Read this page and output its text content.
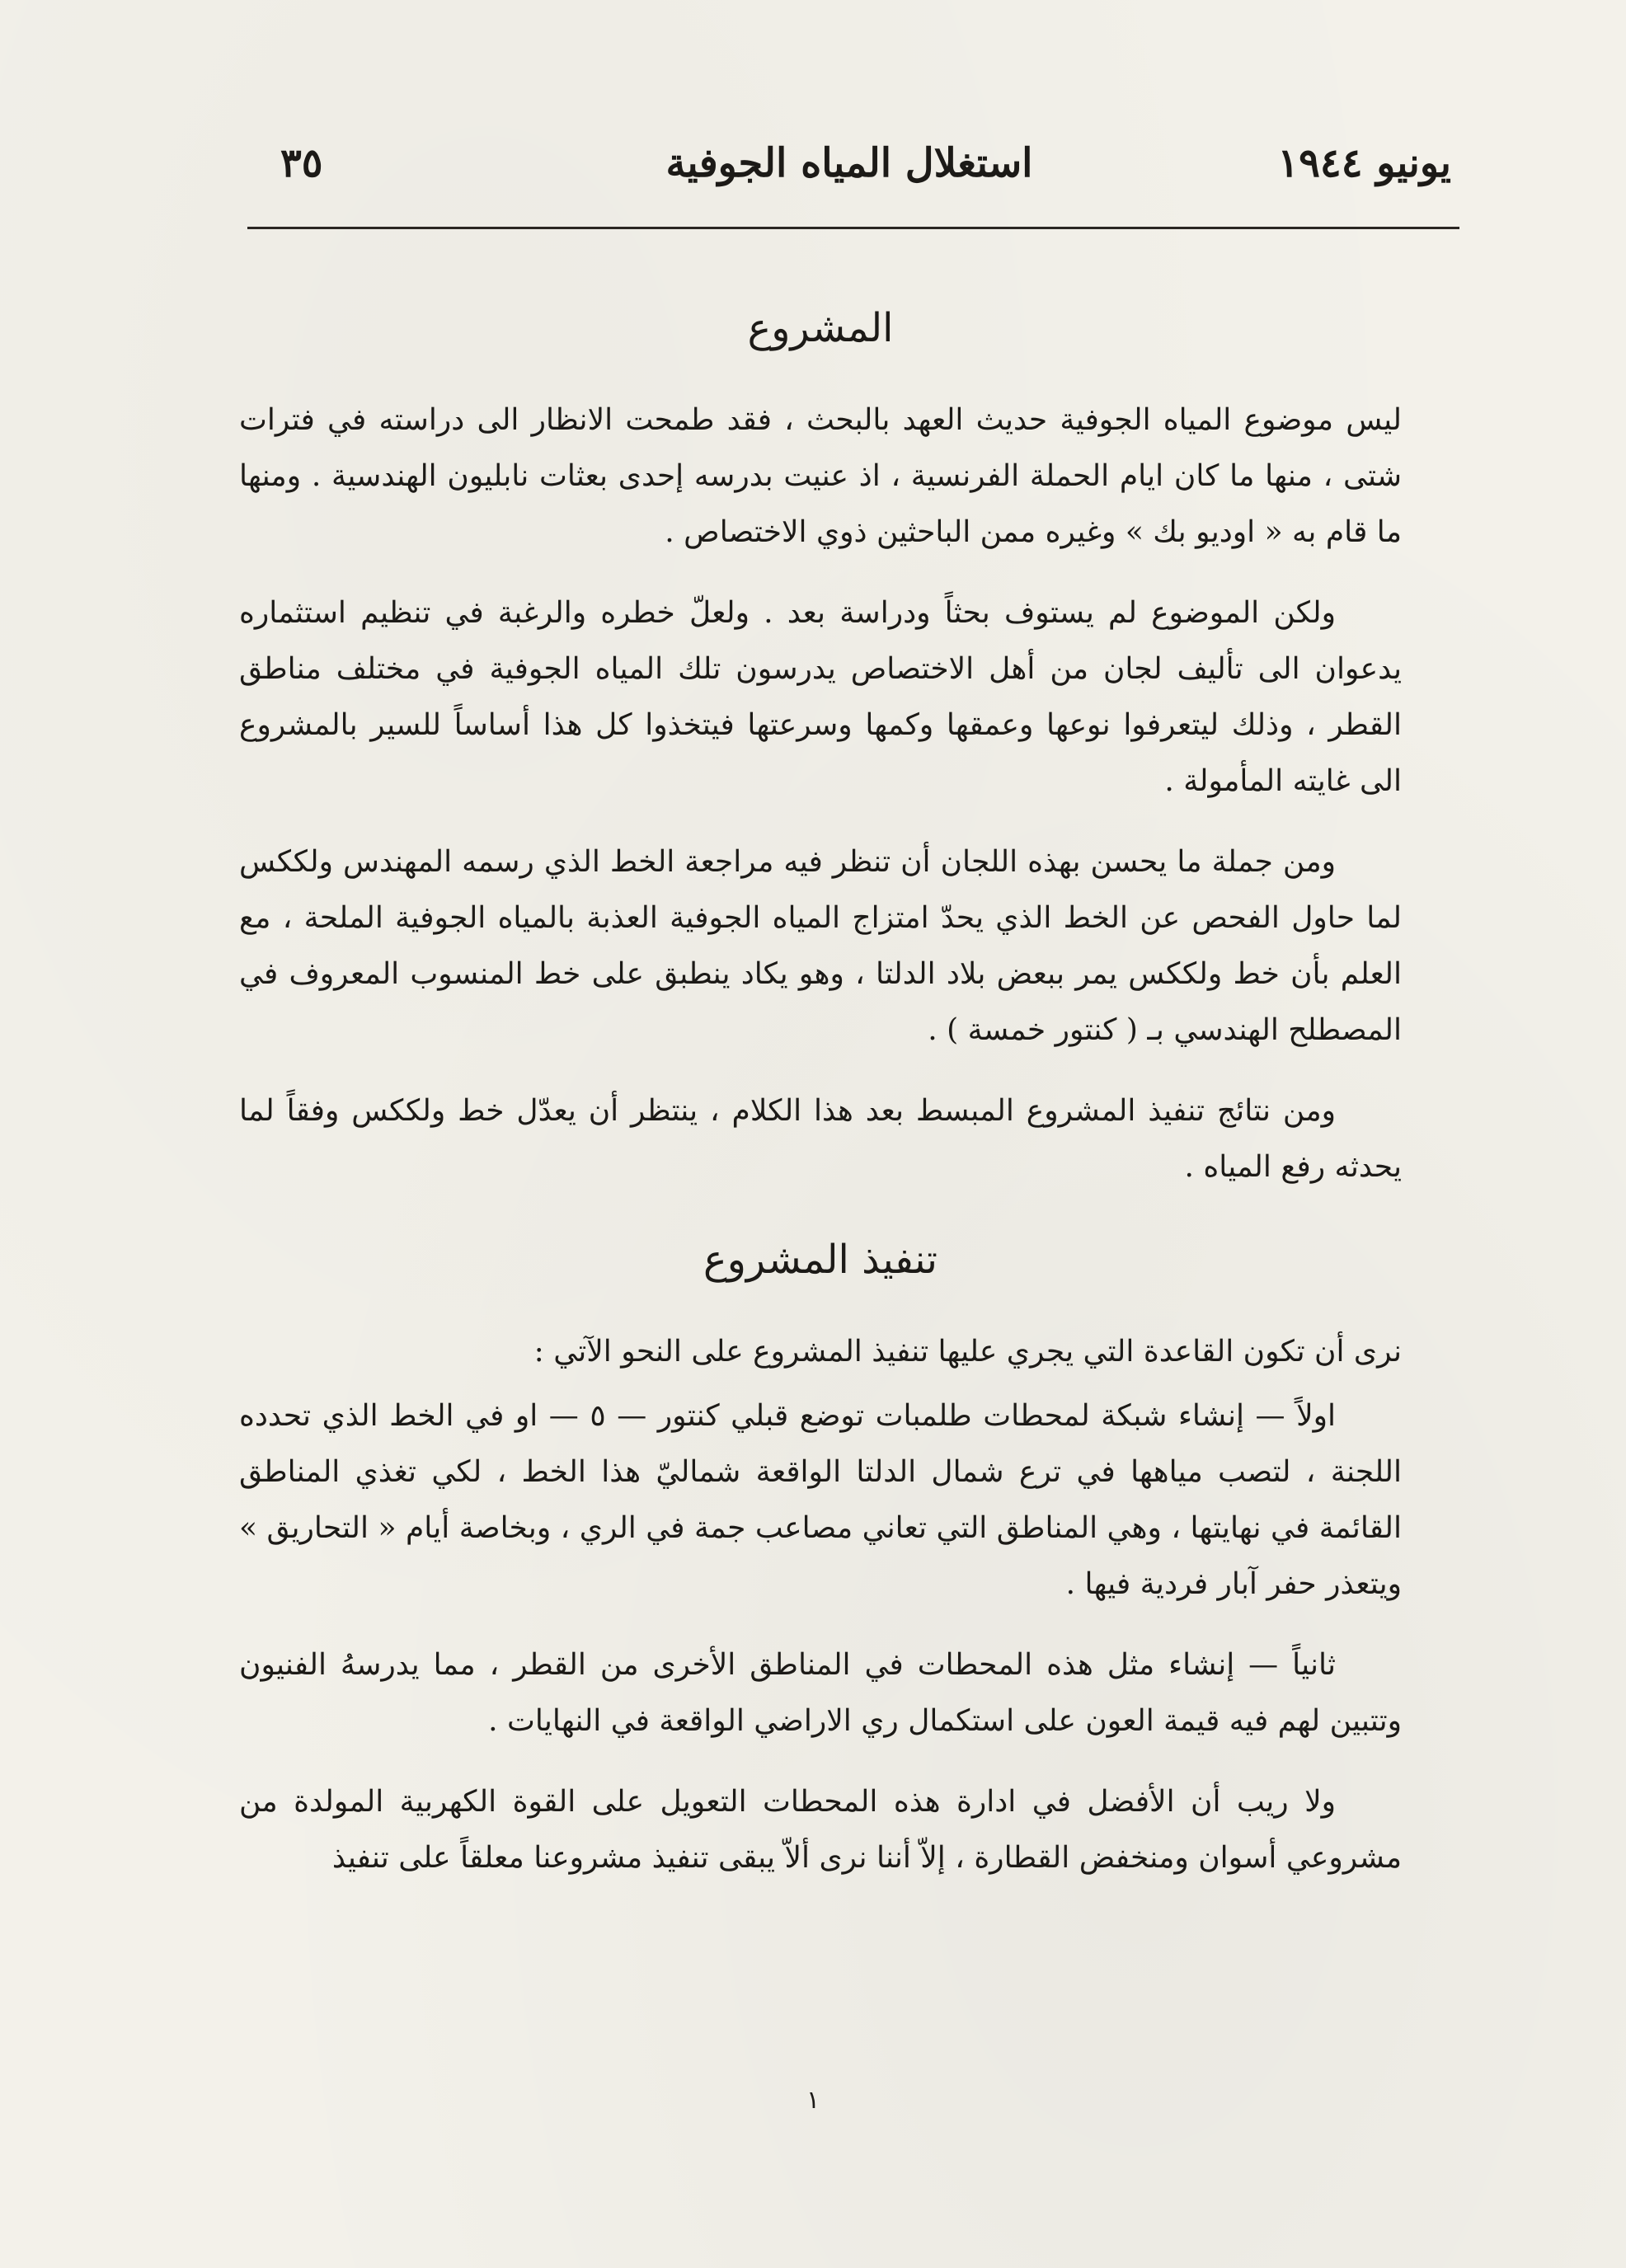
يونيو ١٩٤٤
استغلال المياه الجوفية
٣٥
المشروع

ليس موضوع المياه الجوفية حديث العهد بالبحث ، فقد طمحت الانظار الى دراسته في فترات شتى ، منها ما كان ايام الحملة الفرنسية ، اذ عنيت بدرسه إحدى بعثات نابليون الهندسية . ومنها ما قام به « اوديو بك » وغيره ممن الباحثين ذوي الاختصاص .

ولكن الموضوع لم يستوف بحثاً ودراسة بعد . ولعلّ خطره والرغبة في تنظيم استثماره يدعوان الى تأليف لجان من أهل الاختصاص يدرسون تلك المياه الجوفية في مختلف مناطق القطر ، وذلك ليتعرفوا نوعها وعمقها وكمها وسرعتها فيتخذوا كل هذا أساساً للسير بالمشروع الى غايته المأمولة .

ومن جملة ما يحسن بهذه اللجان أن تنظر فيه مراجعة الخط الذي رسمه المهندس ولككس لما حاول الفحص عن الخط الذي يحدّ امتزاج المياه الجوفية العذبة بالمياه الجوفية الملحة ، مع العلم بأن خط ولككس يمر ببعض بلاد الدلتا ، وهو يكاد ينطبق على خط المنسوب المعروف في المصطلح الهندسي بـ ( كنتور خمسة ) .

ومن نتائج تنفيذ المشروع المبسط بعد هذا الكلام ، ينتظر أن يعدّل خط ولككس وفقاً لما يحدثه رفع المياه .

تنفيذ المشروع

نرى أن تكون القاعدة التي يجري عليها تنفيذ المشروع على النحو الآتي :

اولاً — إنشاء شبكة لمحطات طلمبات توضع قبلي كنتور — ٥ — او في الخط الذي تحدده اللجنة ، لتصب مياهها في ترع شمال الدلتا الواقعة شماليّ هذا الخط ، لكي تغذي المناطق القائمة في نهايتها ، وهي المناطق التي تعاني مصاعب جمة في الري ، وبخاصة أيام « التحاريق » ويتعذر حفر آبار فردية فيها .

ثانياً — إنشاء مثل هذه المحطات في المناطق الأخرى من القطر ، مما يدرسهُ الفنيون وتتبين لهم فيه قيمة العون على استكمال ري الاراضي الواقعة في النهايات .

ولا ريب أن الأفضل في ادارة هذه المحطات التعويل على القوة الكهربية المولدة من مشروعي أسوان ومنخفض القطارة ، إلاّ أننا نرى ألاّ يبقى تنفيذ مشروعنا معلقاً على تنفيذ

١
